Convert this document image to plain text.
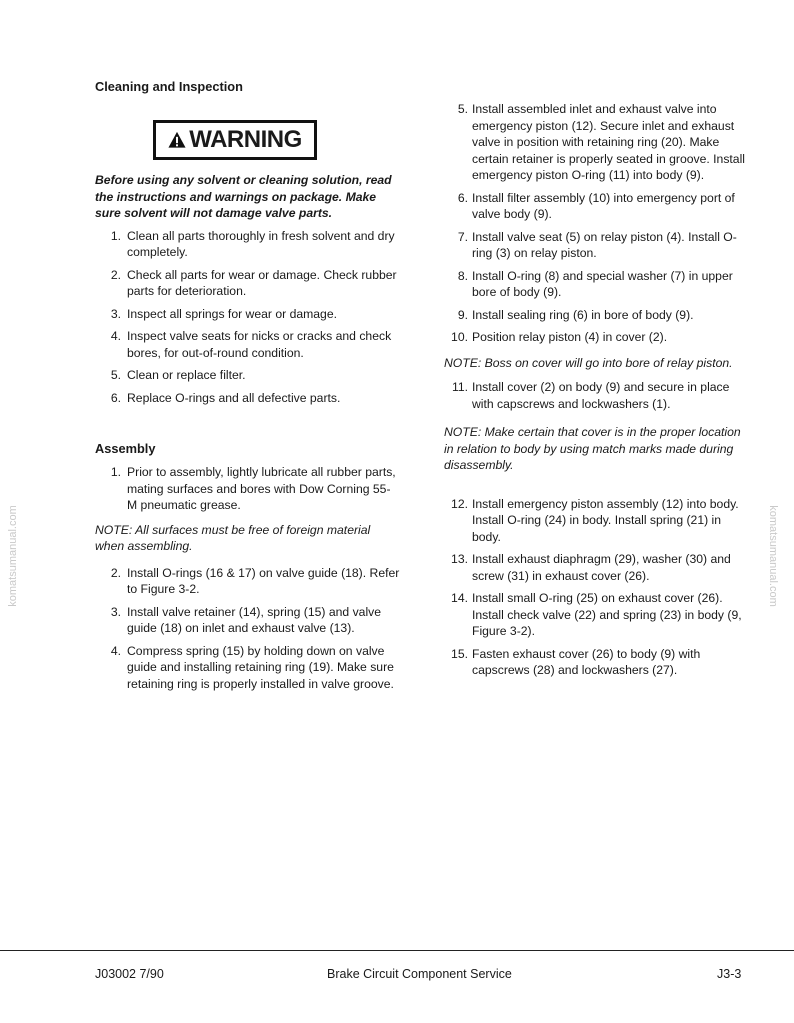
Cleaning and Inspection
WARNING

Before using any solvent or cleaning solution, read the instructions and warnings on package. Make sure solvent will not damage valve parts.

1. Clean all parts thoroughly in fresh solvent and dry completely.
2. Check all parts for wear or damage. Check rubber parts for deterioration.
3. Inspect all springs for wear or damage.
4. Inspect valve seats for nicks or cracks and check bores, for out-of-round condition.
5. Clean or replace filter.
6. Replace O-rings and all defective parts.
Assembly
1. Prior to assembly, lightly lubricate all rubber parts, mating surfaces and bores with Dow Corning 55-M pneumatic grease.

NOTE: All surfaces must be free of foreign material when assembling.

2. Install O-rings (16 & 17) on valve guide (18). Refer to Figure 3-2.
3. Install valve retainer (14), spring (15) and valve guide (18) on inlet and exhaust valve (13).
4. Compress spring (15) by holding down on valve guide and installing retaining ring (19). Make sure retaining ring is properly installed in valve groove.
5. Install assembled inlet and exhaust valve into emergency piston (12). Secure inlet and exhaust valve in position with retaining ring (20). Make certain retainer is properly seated in groove. Install emergency piston O-ring (11) into body (9).
6. Install filter assembly (10) into emergency port of valve body (9).
7. Install valve seat (5) on relay piston (4). Install O-ring (3) on relay piston.
8. Install O-ring (8) and special washer (7) in upper bore of body (9).
9. Install sealing ring (6) in bore of body (9).
10. Position relay piston (4) in cover (2).

NOTE: Boss on cover will go into bore of relay piston.

11. Install cover (2) on body (9) and secure in place with capscrews and lockwashers (1).

NOTE: Make certain that cover is in the proper location in relation to body by using match marks made during disassembly.

12. Install emergency piston assembly (12) into body. Install O-ring (24) in body. Install spring (21) in body.
13. Install exhaust diaphragm (29), washer (30) and screw (31) in exhaust cover (26).
14. Install small O-ring (25) on exhaust cover (26). Install check valve (22) and spring (23) in body (9, Figure 3-2).
15. Fasten exhaust cover (26) to body (9) with capscrews (28) and lockwashers (27).
komatsumanual.com	komatsumanual.com
J03002 7/90	Brake Circuit Component Service	J3-3
